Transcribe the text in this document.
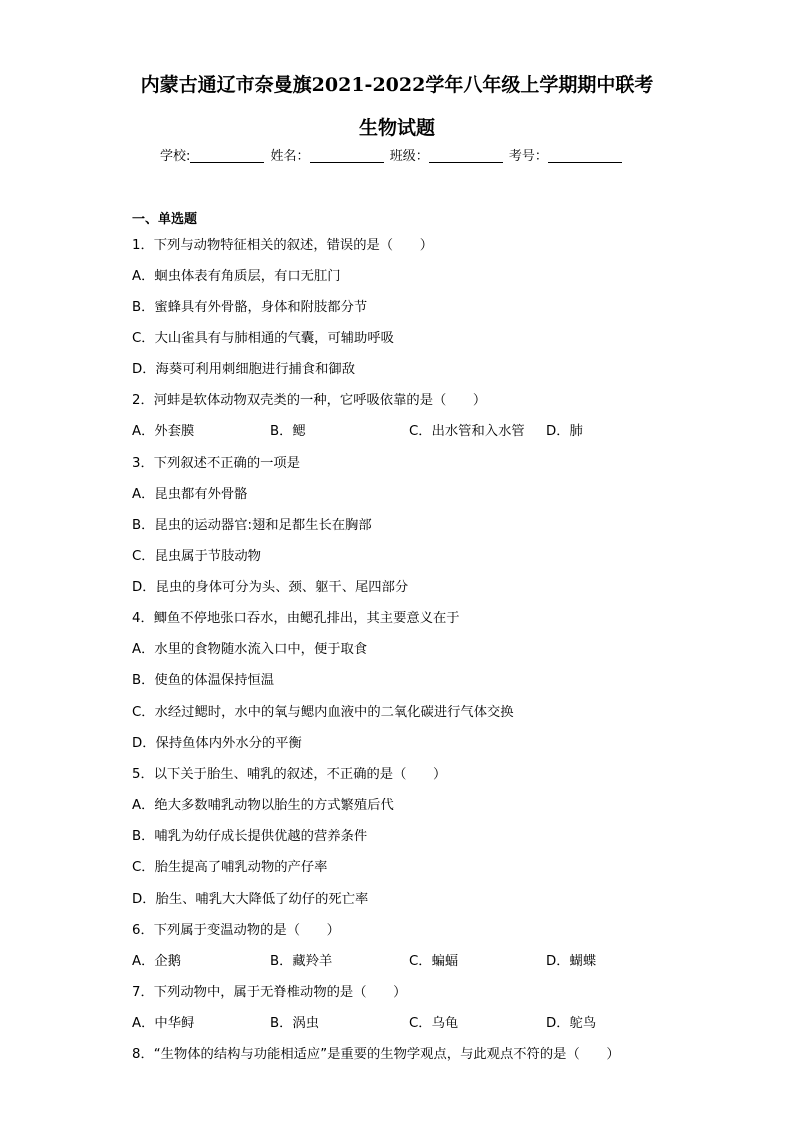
内蒙古通辽市奈曼旗2021-2022学年八年级上学期期中联考
生物试题
学校:	姓名：	班级：	考号：
一、单选题
1．下列与动物特征相关的叙述，错误的是（　　）
A．蛔虫体表有角质层，有口无肛门
B．蜜蜂具有外骨骼，身体和附肢都分节
C．大山雀具有与肺相通的气囊，可辅助呼吸
D．海葵可利用刺细胞进行捕食和御敌
2．河蚌是软体动物双壳类的一种，它呼吸依靠的是（　　）
A．外套膜	B．鳃	C．出水管和入水管 D．肺
3．下列叙述不正确的一项是
A．昆虫都有外骨骼
B．昆虫的运动器官:翅和足都生长在胸部
C．昆虫属于节肢动物
D．昆虫的身体可分为头、颈、躯干、尾四部分
4．鲫鱼不停地张口吞水，由鳃孔排出，其主要意义在于
A．水里的食物随水流入口中，便于取食
B．使鱼的体温保持恒温
C．水经过鳃时，水中的氧与鳃内血液中的二氧化碳进行气体交换
D．保持鱼体内外水分的平衡
5．以下关于胎生、哺乳的叙述，不正确的是（　　）
A．绝大多数哺乳动物以胎生的方式繁殖后代
B．哺乳为幼仔成长提供优越的营养条件
C．胎生提高了哺乳动物的产仔率
D．胎生、哺乳大大降低了幼仔的死亡率
6．下列属于变温动物的是（　　）
A．企鹅	B．藏羚羊	C．蝙蝠	D．蝴蝶
7．下列动物中，属于无脊椎动物的是（　　）
A．中华鲟	B．涡虫	C．乌龟	D．鸵鸟
8．“生物体的结构与功能相适应”是重要的生物学观点，与此观点不符的是（　　）
